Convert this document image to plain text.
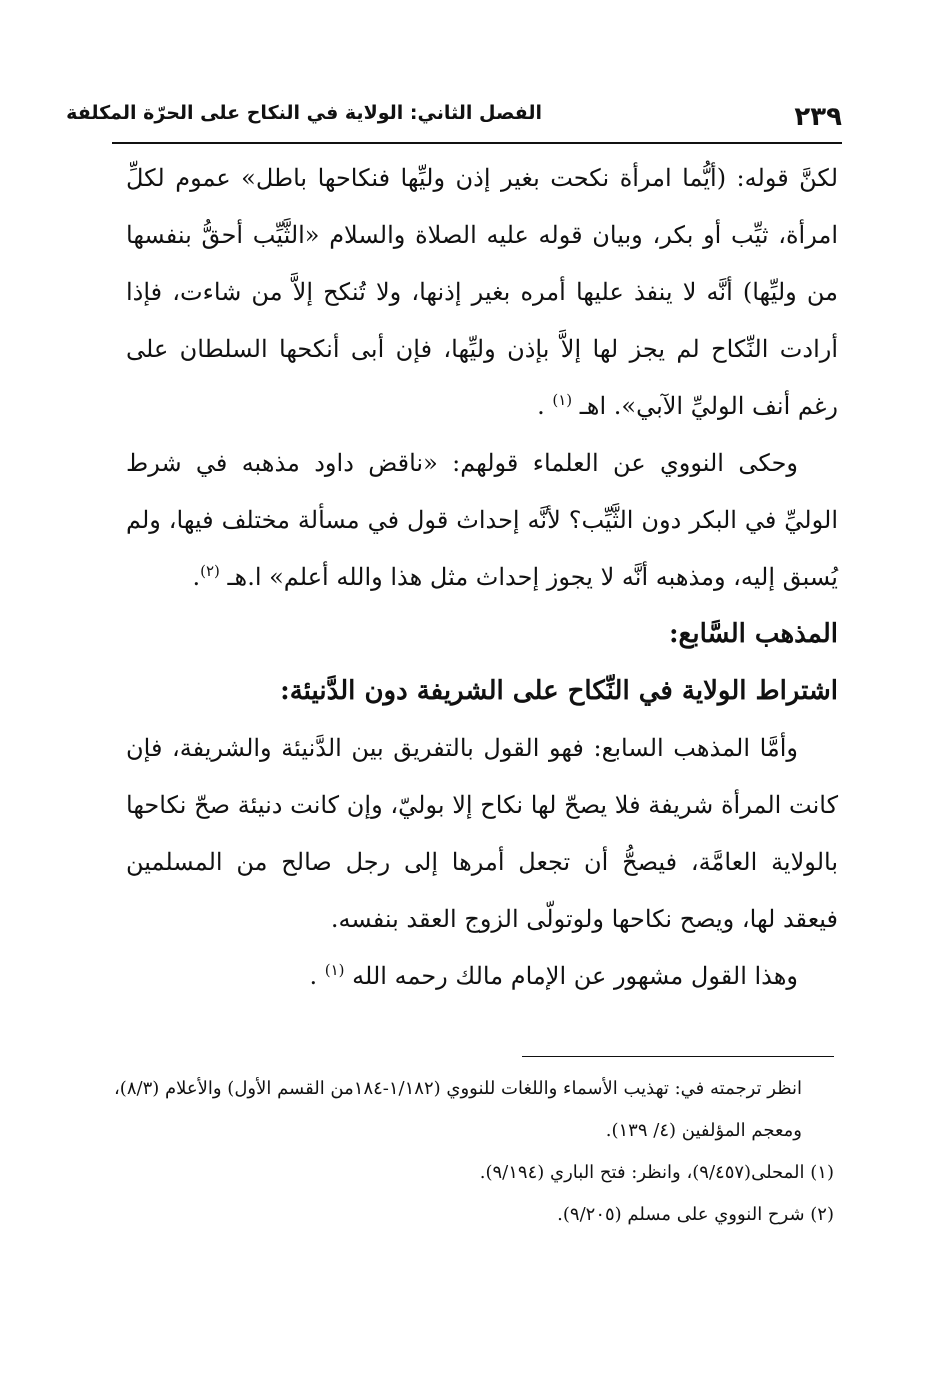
٢٣٩
الفصل الثاني: الولاية في النكاح على الحرّة المكلفة

لكنَّ قوله: (أيُّما امرأة نكحت بغير إذن وليِّها فنكاحها باطل» عموم لكلِّ امرأة، ثيِّب أو بكر، وبيان قوله عليه الصلاة والسلام «الثَّيِّب أحقُّ بنفسها من وليِّها) أنَّه لا ينفذ عليها أمره بغير إذنها، ولا تُنكح إلاَّ من شاءت، فإذا أرادت النِّكاح لم يجز لها إلاَّ بإذن وليِّها، فإن أبى أنكحها السلطان على رغم أنف الوليِّ الآبي». اهـ $^{(١)}$ .

وحكى النووي عن العلماء قولهم: «ناقض داود مذهبه في شرط الوليِّ في البكر دون الثَّيِّب؟ لأنَّه إحداث قول في مسألة مختلف فيها، ولم يُسبق إليه، ومذهبه أنَّه لا يجوز إحداث مثل هذا والله أعلم» ا.هـ $^{(٢)}$.

المذهب السَّابع:

اشتراط الولاية في النِّكاح على الشريفة دون الدَّنيئة:

وأمَّا المذهب السابع: فهو القول بالتفريق بين الدَّنيئة والشريفة، فإن كانت المرأة شريفة فلا يصحّ لها نكاح إلا بوليّ، وإن كانت دنيئة صحّ نكاحها بالولاية العامَّة، فيصحُّ أن تجعل أمرها إلى رجل صالح من المسلمين فيعقد لها، ويصح نكاحها ولوتولّى الزوج العقد بنفسه.

وهذا القول مشهور عن الإمام مالك رحمه الله $^{(١)}$ .

انظر ترجمته في: تهذيب الأسماء واللغات للنووي (١/١٨٢-١٨٤من القسم الأول) والأعلام (٨/٣)، ومعجم المؤلفين (٤/ ١٣٩).

(١) المحلى(٩/٤٥٧)، وانظر: فتح الباري (٩/١٩٤).

(٢) شرح النووي على مسلم (٩/٢٠٥).
